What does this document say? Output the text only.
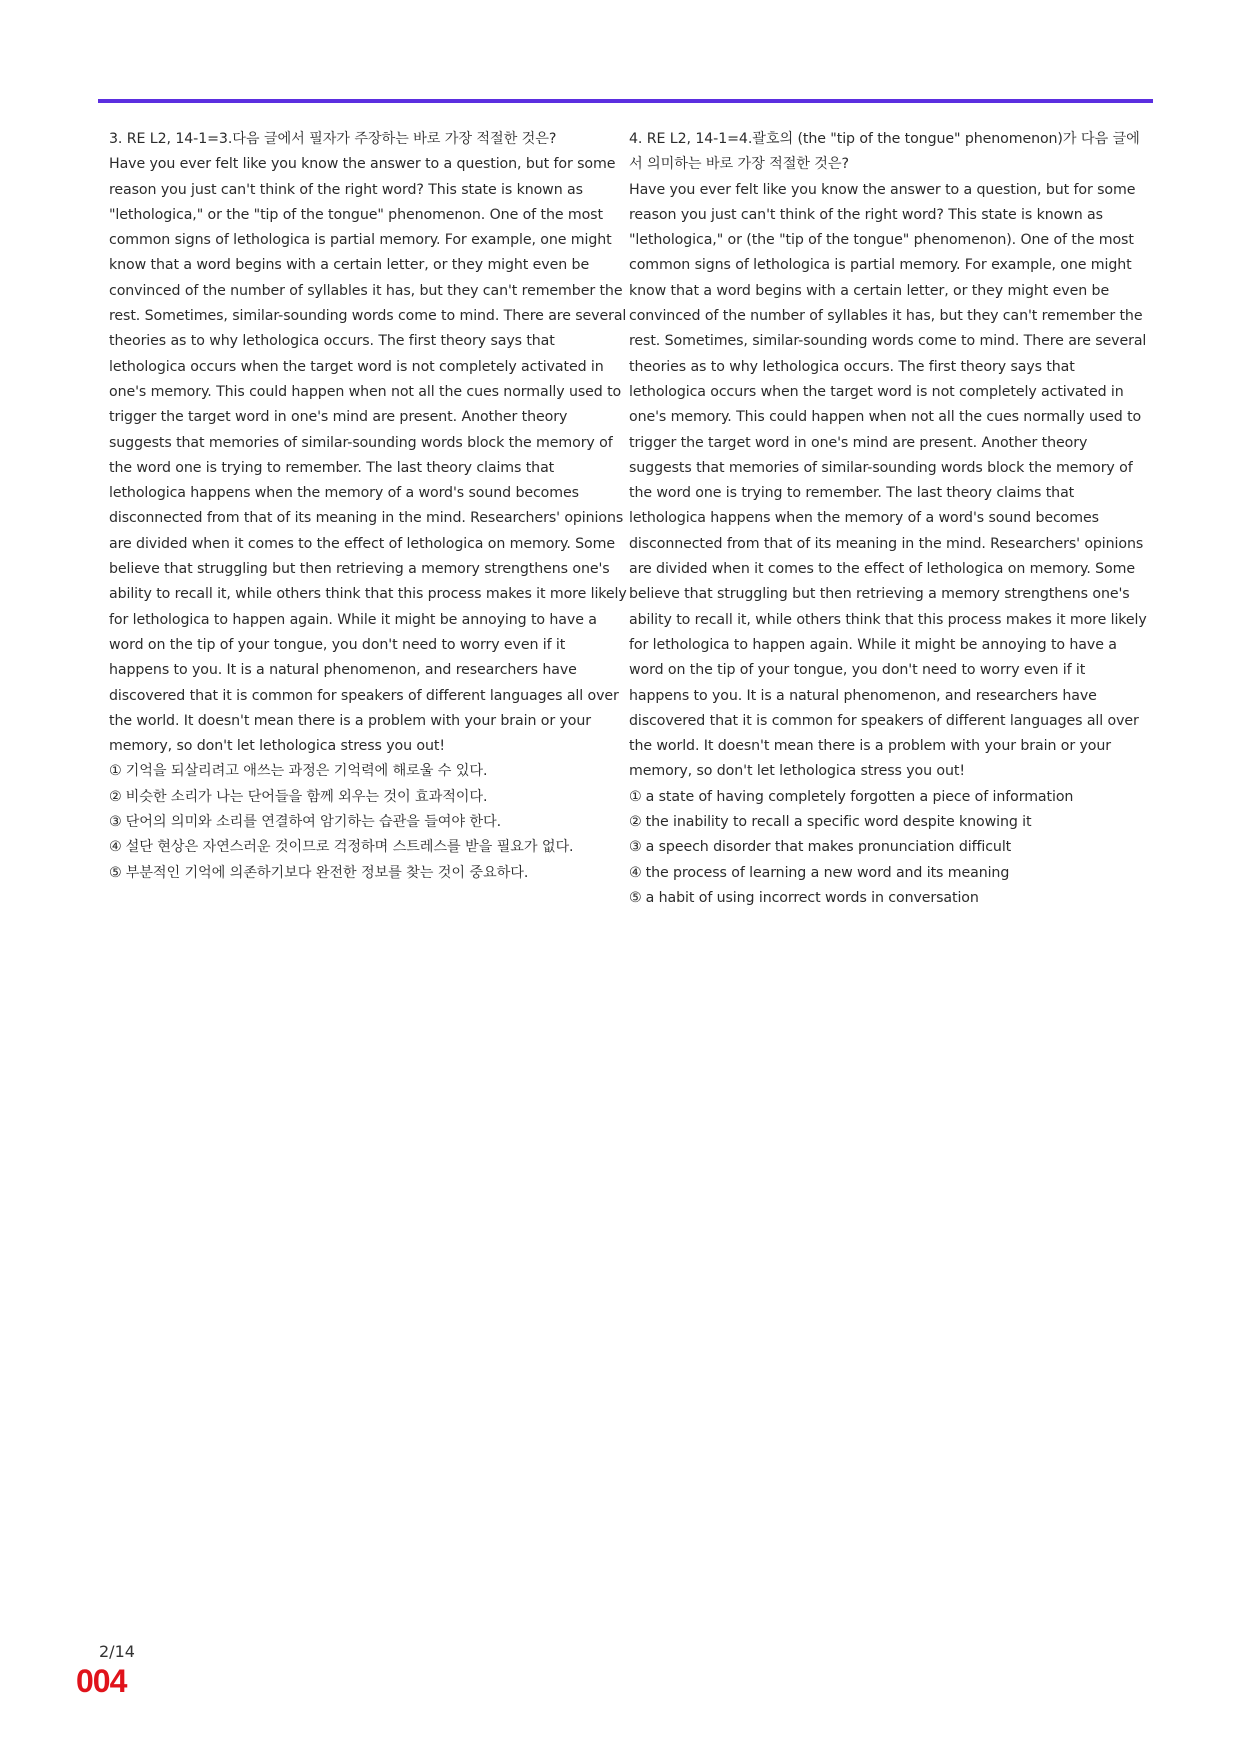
3. RE L2, 14-1=3.다음 글에서 필자가 주장하는 바로 가장 적절한 것은?

Have you ever felt like you know the answer to a question, but for some reason you just can't think of the right word? This state is known as "lethologica," or the "tip of the tongue" phenomenon. One of the most common signs of lethologica is partial memory. For example, one might know that a word begins with a certain letter, or they might even be convinced of the number of syllables it has, but they can't remember the rest. Sometimes, similar-sounding words come to mind. There are several theories as to why lethologica occurs. The first theory says that lethologica occurs when the target word is not completely activated in one's memory. This could happen when not all the cues normally used to trigger the target word in one's mind are present. Another theory suggests that memories of similar-sounding words block the memory of the word one is trying to remember. The last theory claims that lethologica happens when the memory of a word's sound becomes disconnected from that of its meaning in the mind. Researchers' opinions are divided when it comes to the effect of lethologica on memory. Some believe that struggling but then retrieving a memory strengthens one's ability to recall it, while others think that this process makes it more likely for lethologica to happen again. While it might be annoying to have a word on the tip of your tongue, you don't need to worry even if it happens to you. It is a natural phenomenon, and researchers have discovered that it is common for speakers of different languages all over the world. It doesn't mean there is a problem with your brain or your memory, so don't let lethologica stress you out!

① 기억을 되살리려고 애쓰는 과정은 기억력에 해로울 수 있다.
② 비슷한 소리가 나는 단어들을 함께 외우는 것이 효과적이다.
③ 단어의 의미와 소리를 연결하여 암기하는 습관을 들여야 한다.
④ 설단 현상은 자연스러운 것이므로 걱정하며 스트레스를 받을 필요가 없다.
⑤ 부분적인 기억에 의존하기보다 완전한 정보를 찾는 것이 중요하다.

4. RE L2, 14-1=4.괄호의 (the "tip of the tongue" phenomenon)가 다음 글에서 의미하는 바로 가장 적절한 것은?

Have you ever felt like you know the answer to a question, but for some reason you just can't think of the right word? This state is known as "lethologica," or (the "tip of the tongue" phenomenon). One of the most common signs of lethologica is partial memory. For example, one might know that a word begins with a certain letter, or they might even be convinced of the number of syllables it has, but they can't remember the rest. Sometimes, similar-sounding words come to mind. There are several theories as to why lethologica occurs. The first theory says that lethologica occurs when the target word is not completely activated in one's memory. This could happen when not all the cues normally used to trigger the target word in one's mind are present. Another theory suggests that memories of similar-sounding words block the memory of the word one is trying to remember. The last theory claims that lethologica happens when the memory of a word's sound becomes disconnected from that of its meaning in the mind. Researchers' opinions are divided when it comes to the effect of lethologica on memory. Some believe that struggling but then retrieving a memory strengthens one's ability to recall it, while others think that this process makes it more likely for lethologica to happen again. While it might be annoying to have a word on the tip of your tongue, you don't need to worry even if it happens to you. It is a natural phenomenon, and researchers have discovered that it is common for speakers of different languages all over the world. It doesn't mean there is a problem with your brain or your memory, so don't let lethologica stress you out!

① a state of having completely forgotten a piece of information
② the inability to recall a specific word despite knowing it
③ a speech disorder that makes pronunciation difficult
④ the process of learning a new word and its meaning
⑤ a habit of using incorrect words in conversation
2/14
004
